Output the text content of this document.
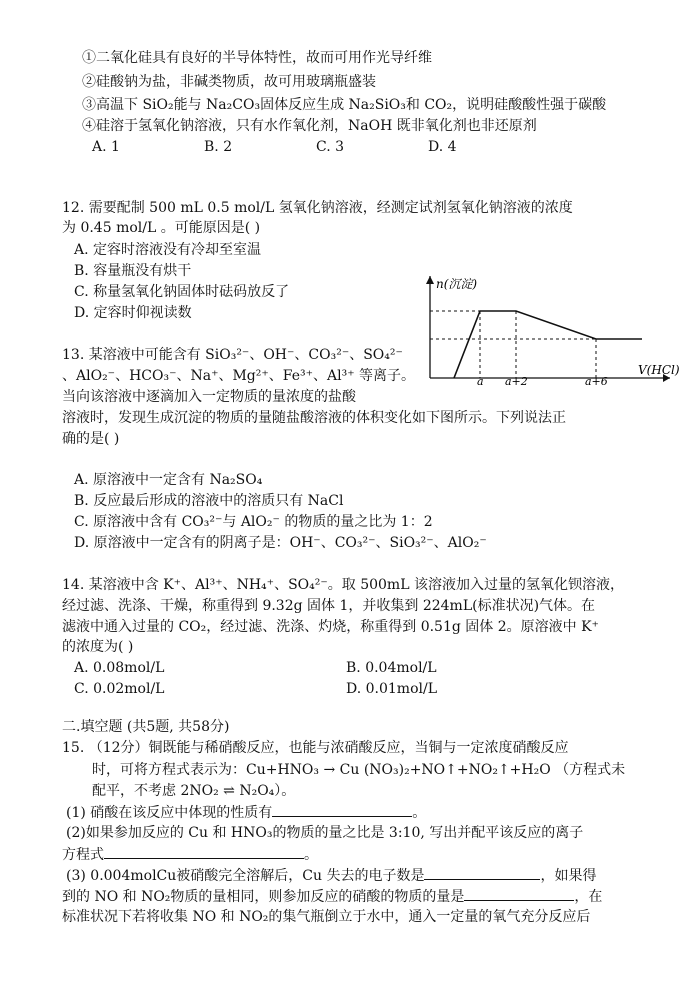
①二氧化硅具有良好的半导体特性，故而可用作光导纤维
②硅酸钠为盐，非碱类物质，故可用玻璃瓶盛装
③高温下 SiO₂能与 Na₂CO₃固体反应生成 Na₂SiO₃和 CO₂，说明硅酸酸性强于碳酸
④硅溶于氢氧化钠溶液，只有水作氧化剂，NaOH 既非氧化剂也非还原剂
A. 1	B. 2	C. 3	D. 4
12. 需要配制 500 mL 0.5 mol/L 氢氧化钠溶液，经测定试剂氢氧化钠溶液的浓度
为 0.45 mol/L 。可能原因是( )
A. 定容时溶液没有冷却至室温
B. 容量瓶没有烘干
C. 称量氢氧化钠固体时砝码放反了
D. 定容时仰视读数
n(沉淀)
V(HCl)
a a+2	a+6
13. 某溶液中可能含有 SiO₃²⁻、OH⁻、CO₃²⁻、SO₄²⁻
、AlO₂⁻、HCO₃⁻、Na⁺、Mg²⁺、Fe³⁺、Al³⁺ 等离子。
当向该溶液中逐滴加入一定物质的量浓度的盐酸
溶液时，发现生成沉淀的物质的量随盐酸溶液的体积变化如下图所示。下列说法正
确的是( )
A. 原溶液中一定含有 Na₂SO₄
B. 反应最后形成的溶液中的溶质只有 NaCl
C. 原溶液中含有 CO₃²⁻与 AlO₂⁻ 的物质的量之比为 1：2
D. 原溶液中一定含有的阴离子是：OH⁻、CO₃²⁻、SiO₃²⁻、AlO₂⁻
14. 某溶液中含 K⁺、Al³⁺、NH₄⁺、SO₄²⁻。取 500mL 该溶液加入过量的氢氧化钡溶液，
经过滤、洗涤、干燥，称重得到 9.32g 固体 1，并收集到 224mL(标准状况)气体。在
滤液中通入过量的 CO₂，经过滤、洗涤、灼烧，称重得到 0.51g 固体 2。原溶液中 K⁺
的浓度为( )
A. 0.08mol/L	B. 0.04mol/L
C. 0.02mol/L	D. 0.01mol/L
二.填空题 (共5题, 共58分)
15. （12分）铜既能与稀硝酸反应，也能与浓硝酸反应，当铜与一定浓度硝酸反应
时，可将方程式表示为：Cu+HNO₃ → Cu (NO₃)₂+NO↑+NO₂↑+H₂O （方程式未
配平，不考虑 2NO₂ ⇌ N₂O₄）。
(1) 硝酸在该反应中体现的性质有	。
(2)如果参加反应的 Cu 和 HNO₃的物质的量之比是 3:10, 写出并配平该反应的离子
方程式	。
(3) 0.004molCu被硝酸完全溶解后，Cu 失去的电子数是	，如果得
到的 NO 和 NO₂物质的量相同，则参加反应的硝酸的物质的量是	，在
标准状况下若将收集 NO 和 NO₂的集气瓶倒立于水中，通入一定量的氧气充分反应后
